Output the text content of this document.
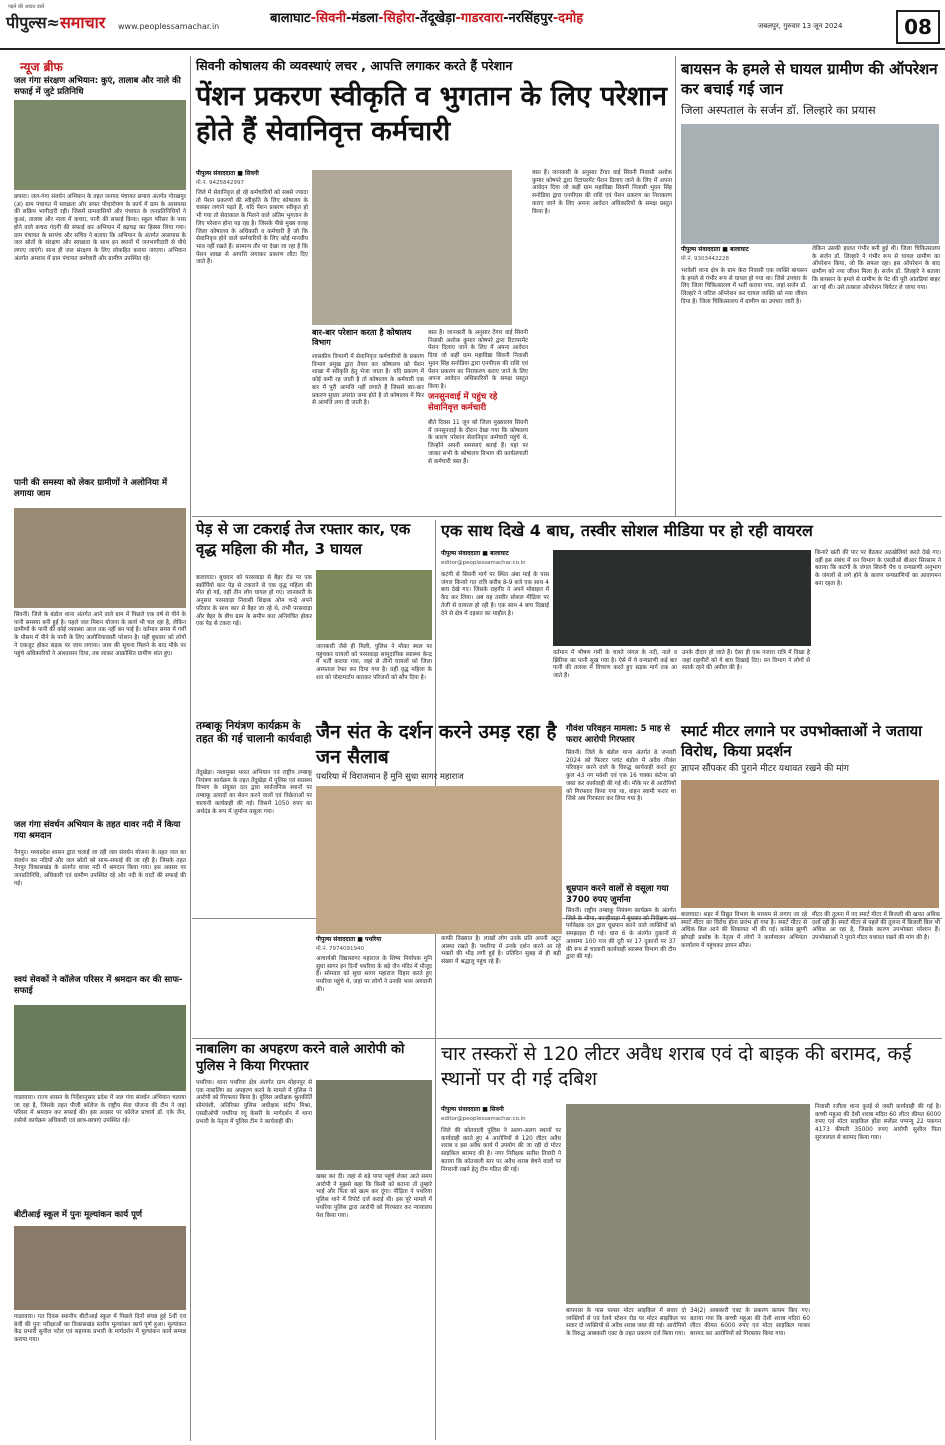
पढ़ने की आदत डालें
पीपुल्स≈समाचार www.peoplessamachar.in
बालाघाट-सिवनी-मंडला-सिहोरा-तेंदूखेड़ा-गाडरवारा-नरसिंहपुर-दमोह	जबलपुर, गुरुवार 13 जून 2024	08
न्यूज ब्रीफ
जल गंगा संरक्षण अभियान: कुएं, तालाब और नाले की सफाई में जुटे प्रतिनिधि
छपारा। जल-गंगा संवर्धन अभियान के तहत जनपद पंचायत छपारा अंतर्गत गोरखपुर (अ) ग्राम पंचायत में स्वच्छता और सफर पौधारोपण के कार्य में ग्राम के आसपास की सक्रिय भागीदारी रही। जिसमें ग्रामवासियों और पंचायत के जनप्रतिनिधियों ने कुआं, तालाब और नाला में कचरा, पानी की सफाई किया। स्कूल परिसर के पास होने वाले कचरा गंदगी की सफाई कर अभियान में बढ़चढ़ कर हिस्सा लिया गया। ग्राम पंचायत के सरपंच और सचिव ने बताया कि अभियान के अंतर्गत आसपास के जल स्रोतों के संरक्षण और स्वच्छता के साथ इन स्थानों में जनभागीदारी से पौधे लगाए जाएंगे। साथ ही जल संरक्षण के लिए लोकहित बनाया जाएगा। अभियान अंतर्गत अमराव में ग्राम पंचायत कर्मचारी और ग्रामीण उपस्थित रहे।
पानी की समस्या को लेकर ग्रामीणों ने अलोनिया में लगाया जाम
सिवनी। जिले के बंडोल थाना अंतर्गत आने वाले ग्राम में पिछले एक वर्ष से पीने के पानी समस्या बनी हुई है। पहले जल मिशन योजना के कार्य भी चल रहा है, लेकिन ग्रामीणों के पानी की कोई व्यवस्था आज तक नहीं बन पाई है। वर्तमान समय में गर्मी के मौसम में पीने के पानी के लिए अलोनियावासी परेशान है। यहीं बुधवार को लोगों ने एकजुट होकर सड़क पर जाम लगाया। जाम की सूचना मिलने के बाद मौके पर पहुंचे अधिकारियों ने आश्वासन दिया, तब जाकर आक्रोशित ग्रामीण शांत हुए।
जल गंगा संवर्धन अभियान के तहत थावर नदी में किया गया श्रमदान
नैनपुर। मध्यप्रदेश शासन द्वारा चलाई जा रही जल संवर्धन योजना के तहत जल का संवर्धन कर नदियों और जल स्रोतों को साफ-सफाई की जा रही है। जिसके तहत नैनपुर विकासखंड के अंतर्गत थावर नदी में श्रमदान किया गया। इस अवसर पर जनप्रतिनिधि, अधिकारी एवं ग्रामीण उपस्थित रहे और नदी के घाटों की सफाई की गई।
स्वयं सेवकों ने कॉलेज परिसर में श्रमदान कर की साफ-सफाई
गाडरवारा। राज्य शासन के निर्देशानुसार प्रदेश में जल गंगा संवर्धन अभियान चलाया जा रहा है, जिसके तहत पीजी कॉलेज के राष्ट्रीय सेवा योजना की टीम ने जहां परिसर में श्रमदान कर सफाई की। इस अवसर पर कॉलेज प्राचार्य डॉ. एके जैन, रासेयो कार्यक्रम अधिकारी एवं छात्र-छात्राएं उपस्थित रहे।
बीटीआई स्कूल में पुनः मूल्यांकन कार्य पूर्ण
गाडरवारा। गत दिवस स्थानीय बीटीआई स्कूल में पिछले दिनों संपन्न हुई 5वीं एवं 8वीं की पुनः परीक्षाओं का विकासखंड स्तरीय मूल्यांकन कार्य पूर्ण हुआ। मूल्यांकन केंद्र प्रभारी सुनील पटेल एवं सहायक प्रभारी के मार्गदर्शन में मूल्यांकन कार्य सम्पन्न कराया गया।
सिवनी कोषालय की व्यवस्थाएं लचर , आपत्ति लगाकर करते हैं परेशान
पेंशन प्रकरण स्वीकृति व भुगतान के लिए परेशान होते हैं सेवानिवृत्त कर्मचारी
पीपुल्स संवाददाता ■ सिवनी
मो.नं. 9425842997
जिले में सेवानिवृत्त हो रहे कर्मचारियों को सबसे ज्यादा तो पेंशन प्रकरणों की स्वीकृति के लिए कोषालय के चक्कर लगाने पड़ते हैं, यदि पेंशन प्रकरण स्वीकृत हो भी गया तो सेवाकाल के मिलने वाले अंतिम भुगतान के लिए परेशान होना पड़ रहा है। जिसके पीछे मुख्य वजह जिला कोषालय के अधिकारी व कर्मचारी हैं जो कि सेवानिवृत्त होने वाले कर्मचारियों के लिए कोई मानवीय भाव नहीं रखते हैं। सामान्य तौर पर देखा जा रहा है कि पेंशन शाखा से आपत्ति लगाकर प्रकरण लौटा दिए जाते हैं।
बार-बार परेशान करता है कोषालय विभाग
शासकीय विभागों में सेवानिवृत्त कर्मचारियों के प्रकरण विभाग प्रमुख द्वारा तैयार कर कोषालय को पेंशन शाखा में स्वीकृति हेतु भेजा जाता है। यदि प्रकरण में कोई कमी रह जाती है तो कोषालय के कर्मचारी एक बार में पूरी आपत्ति नहीं लगाते हैं जिससे बार-बार प्रकरण सुधार उपरांत जमा होते है तो कोषालय में फिर से आपत्ति लगा दी जाती है।
त्रस्त हैं। जानकारी के अनुसार टेंगार वाई सिवनी निवासी अशोक कुमार कोषपरे द्वारा रिटायरमेंट पेंशन दिलाए जाने के लिए में अपना आवेदन दिया जो कहीं ग्राम महाविद्या सिवनी निवासी भुवन सिंह सनोडिया द्वारा एनपीएस की राशि एवं पेंशन प्रकरण का निराकरण कराए जाने के लिए अपना आवेदन अधिकारियों के समक्ष प्रस्तुत किया है।
जनसुनवाई में पहुंच रहे सेवानिवृत्त कर्मचारी
बीते दिवस 11 जून को जिला मुख्यालय सिवनी में जनसुनवाई के दौरान देखा गया कि कोषालय के कारण परेशान सेवानिवृत्त कर्मचारी पहुंचे थे, जिन्होंने अपनी समस्याएं बताई हैं। यहां पर जाकर सभी के कोषालय विभाग की कार्यप्रणाली से कर्मचारी त्रस्त हैं।
त्रस्त हैं। जानकारी के अनुसार टेंगार वाई सिवनी निवासी अशोक कुमार कोषपरे द्वारा रिटायरमेंट पेंशन दिलाए जाने के लिए में अपना आवेदन दिया जो कहीं ग्राम महाविद्या सिवनी निवासी भुवन सिंह सनोडिया द्वारा एनपीएस की राशि एवं पेंशन प्रकरण का निराकरण कराए जाने के लिए अपना आवेदन अधिकारियों के समक्ष प्रस्तुत किया है।
बायसन के हमले से घायल ग्रामीण की ऑपरेशन कर बचाई गई जान
जिला अस्पताल के सर्जन डॉ. लिल्हारे का प्रयास
पीपुल्स संवाददाता ■ बालाघाट
मो.नं. 9303442228
भरवेली थाना क्षेत्र के ग्राम केरा निवासी एक व्यक्ति बायसन के हमले से गंभीर रूप से घायल हो गया था। जिसे उपचार के लिए जिला चिकित्सालय में भर्ती कराया गया, जहां सर्जन डॉ. लिल्हारे ने जटिल ऑपरेशन कर घायल व्यक्ति को नया जीवन दिया है। जिला चिकित्सालय में ग्रामीण का उपचार जारी है।
लेकिन उसकी हालत गंभीर बनी हुई थी। जिला चिकित्सालय के सर्जन डॉ. लिल्हारे ने गंभीर रूप से घायल ग्रामीण का ऑपरेशन किया, जो कि सफल रहा। इस ऑपरेशन के बाद ग्रामीण को नया जीवन मिला है। सर्जन डॉ. लिल्हारे ने बताया कि बायसन के हमले से ग्रामीण के पेट की पूरी आंतड़ियां बाहर आ गई थी। उसे तत्काल ऑपरेशन थियेटर ले जाया गया।
पेड़ से जा टकराई तेज रफ्तार कार, एक वृद्ध महिला की मौत, 3 घायल
बालाघाट। बुधवार को परसवाड़ा से बैहर रोड पर एक स्कॉर्पियो कार पेड़ से टकराने से एक वृद्ध महिला की मौत हो गई, वहीं तीन लोग घायल हो गए। जानकारी के अनुसार परसवाड़ा निवासी शिक्षक ओम चन्द्रे अपने परिवार के साथ कार से बैहर जा रहे थे, तभी परसवाड़ा और बैहर के बीच ग्राम के समीप कार अनियंत्रित होकर एक पेड़ से टकरा गई।
जानकारी जैसे ही मिली, पुलिस ने मौका स्थल पर पहुंचकर घायलों को परसवाड़ा सामुदायिक स्वास्थ्य केन्द्र में भर्ती कराया गया, जहां से तीनों घायलों को जिला अस्पताल रेफर कर दिया गया है। वहीं वृद्ध महिला के शव को पोस्टमार्टम कराकर परिजनों को सौंप दिया है।
एक साथ दिखे 4 बाघ, तस्वीर सोशल मीडिया पर हो रही वायरल
पीपुल्स संवाददाता ■ बालाघाट
editor@peoplessamachar.co.in
कटंगी से सिवनी मार्ग पर स्थित अंबा माई के पास जंगल किनारे गत रात्रि करीब 8-9 बजे एक साथ 4 बाघ देखे गए। जिसके राहगीर ने अपने मोबाइल में कैद कर लिया। अब यह तस्वीर सोशल मीडिया पर तेजी से वायरल हो रही है। एक साथ 4 बाघ दिखाई देने से क्षेत्र में दहशत का माहौल है।
वर्तमान में भीषण गर्मी के चलते जंगल के नदी, नाले व झिरिया का पानी सूख गया है। ऐसे में ये वन्यप्राणी कई बार पानी की तलाश में विचरण करते हुए सड़क मार्ग तक आ जाते हैं।
उनके दीदार हो जाते हैं। ऐसा ही एक नजारा रात्रि में दिखा है जहां राहगीरों को ये बाघ दिखाई दिए। वन विभाग ने लोगों से सतर्क रहने की अपील की है।
किनारे खंती की पार पर बैठकर अठखेलियां करते देखे गए। वहीं इस संबंध में वन विभाग के एसडीओ बीआर सिरसाम ने बताया कि कटंगी के जंगल सिवनी पेंच व वन्यप्राणी अनुभाग के जंगलों से लगे होने के कारण वन्यप्राणियों का आवागमन बना रहता है।
तम्बाकू नियंत्रण कार्यक्रम के तहत की गई चालानी कार्यवाही
तेंदूखेड़ा। नशामुक्त भारत अभियान एवं राष्ट्रीय तम्बाकू नियंत्रण कार्यक्रम के तहत तेंदूखेड़ा में पुलिस एवं स्वास्थ्य विभाग के संयुक्त दल द्वारा सार्वजनिक स्थानों पर तम्बाकू उत्पादों का सेवन करने वालों एवं विक्रेताओं पर चालानी कार्यवाही की गई। जिसमें 1050 रुपए का अर्थदंड के रूप में जुर्माना वसूला गया।
जैन संत के दर्शन करने उमड़ रहा है जन सैलाब
पथरिया में विराजमान हैं मुनि सुधा सागर महाराज
पीपुल्स संवाददाता ■ पथरिया
मो.नं. 7974091940
आचार्यश्री विद्यासागर महाराज के शिष्य निर्यापक मुनि सुधा सागर इन दिनों पथरिया के बड़े जैन मंदिर में मौजूद हैं। सोमवार को सुधा सागर महाराज विहार करते हुए पथरिया पहुंचे थे, जहां पर लोगों ने उनकी भव्य अगवानी की।
काफी विख्यात है। लाखों लोग उनके प्रति अपनी अटूट आस्था रखते हैं। पथरिया में उनके दर्शन करने आ रहे भक्तों की भीड़ लगी हुई है। प्रतिदिन सुबह से ही बड़ी संख्या में श्रद्धालु पहुंच रहे हैं।
गौवंश परिवहन मामला: 5 माह से फरार आरोपी गिरफ्तार
सिवनी। जिले के बंडोल थाना अंतर्गत 8 जनवरी 2024 को फिल्टर प्लांट बंडोल में अवैध गौवंश परिवहन करने वाले के विरुद्ध कार्यवाही करते हुए कुल 43 नग मवेशी एवं एक 16 चक्का कंटेनर को जब्त कर कार्यवाही की गई थी। मौके पर से आरोपियों को गिरफ्तार किया गया था, वाहन स्वामी फरार था जिसे अब गिरफ्तार कर लिया गया है।
धूम्रपान करने वालों से वसूला गया 3700 रुपए जुर्माना
सिवनी। राष्ट्रीय तम्बाकू नियंत्रण कार्यक्रम के अंतर्गत जिले के भीमा, कान्हीवाड़ा में बुधवार को निरीक्षण एवं पर्यवेक्षक दल द्वारा धूम्रपान करने वाले व्यक्तियों को समझाइश दी गई। धारा 6 के अंतर्गत दुकानों से आयस्मा 100 गज की दूरी पर 17 दुकानों पर 37 की रूप से चालानी कार्यवाही स्वास्थ्य विभाग की टीम द्वारा की गई।
स्मार्ट मीटर लगाने पर उपभोक्ताओं ने जताया विरोध, किया प्रदर्शन
ज्ञापन सौंपकर की पुराने मीटर यथावत रखने की मांग
बालाघाट। शहर में विद्युत विभाग के माध्यम से लगाए जा रहे स्मार्ट मीटर का विरोध होना प्रारंभ हो गया है। स्मार्ट मीटर से अधिक बिल आने की शिकायत भी की गई। कांग्रेस झुग्गी झोपड़ी प्रकोष्ठ के नेतृत्व में लोगों ने कार्यपालन अभियंता कार्यालय में पहुंचकर ज्ञापन सौंपा।
मीटर की तुलना में नए स्मार्ट मीटर में बिजली की खपत अधिक दर्शा रही है। स्मार्ट मीटर से पहले की तुलना में बिजली बिल भी अधिक आ रहा है, जिसके कारण उपभोक्ता परेशान हैं। उपभोक्ताओं ने पुराने मीटर यथावत रखने की मांग की है।
नाबालिग का अपहरण करने वाले आरोपी को पुलिस ने किया गिरफ्तार
पथरिया। थाना पथरिया क्षेत्र अंतर्गत ग्राम मोहनपुर से एक नाबालिग का अपहरण करने के मामले में पुलिस ने आरोपी को गिरफ्तार किया है। पुलिस अधीक्षक श्रुतकीर्ति सोमवंशी, अतिरिक्त पुलिस अधीक्षक संदीप मिश्रा, एसडीओपी पथरिया रघु केसरी के मार्गदर्शन में थाना प्रभारी के नेतृत्व में पुलिस टीम ने कार्यवाही की।
खबर कर दी। जहां से बड़े पापा पहुंचे लेकर आते समय आरोपी ने मुझसे कहा कि किसी को बताना तो तुम्हारे भाई और पिता को खत्म कर दूंगा। पीड़िता ने पथरिया पुलिस थाने में रिपोर्ट दर्ज कराई थी। इस पूरे मामले में पथरिया पुलिस द्वारा आरोपी को गिरफ्तार कर न्यायालय पेश किया गया।
चार तस्करों से 120 लीटर अवैध शराब एवं दो बाइक की बरामद, कई स्थानों पर दी गई दबिश
पीपुल्स संवाददाता ■ सिवनी
editor@peoplessamachar.co.in
जिले की कोतवाली पुलिस ने अलग-अलग स्थानों पर कार्यवाही करते हुए 4 आरोपियों से 120 लीटर अवैध शराब व इस अवैध कार्य में उपयोग की जा रही दो मोटर साइकिल बरामद की है। नगर निरीक्षक सतीश तिवारी ने बताया कि कोतवाली स्तर पर अवैध शराब बेचने वालों पर निगरानी रखने हेतु टीम गठित की गई।
बायपास के पास पल्सर मोटर साइकिल में सवार दो व्यक्तियों से एवं रेलवे स्टेशन रोड पर मोटर साइकिल पर सवार दो व्यक्तियों से अवैध शराब जब्त की गई। आरोपियों के विरुद्ध आबकारी एक्ट के तहत प्रकरण दर्ज किया गया।
34(2) आबकारी एक्ट के प्रकरण कायम किए गए। बताया गया कि कच्ची महुआ की देशी शराब मदिरा 60 लीटर कीमत 6000 रुपए एवं मोटर साइकिल पल्सर बरामद कर आरोपियों को गिरफ्तार किया गया।
निवासी रजीला थाना कुरई से जब्ती कार्यवाही की गई है। कच्ची महुआ की देशी शराब मदिरा 60 लीटर कीमत 6000 रुपए एवं मोटर साइकिल होंडा स्प्लेंडर पप्पन्यू 22 पकगन 4173 कीमती 35000 रुपए आरोपी सुशील पिता सुरजलाल से बरामद किया गया।
